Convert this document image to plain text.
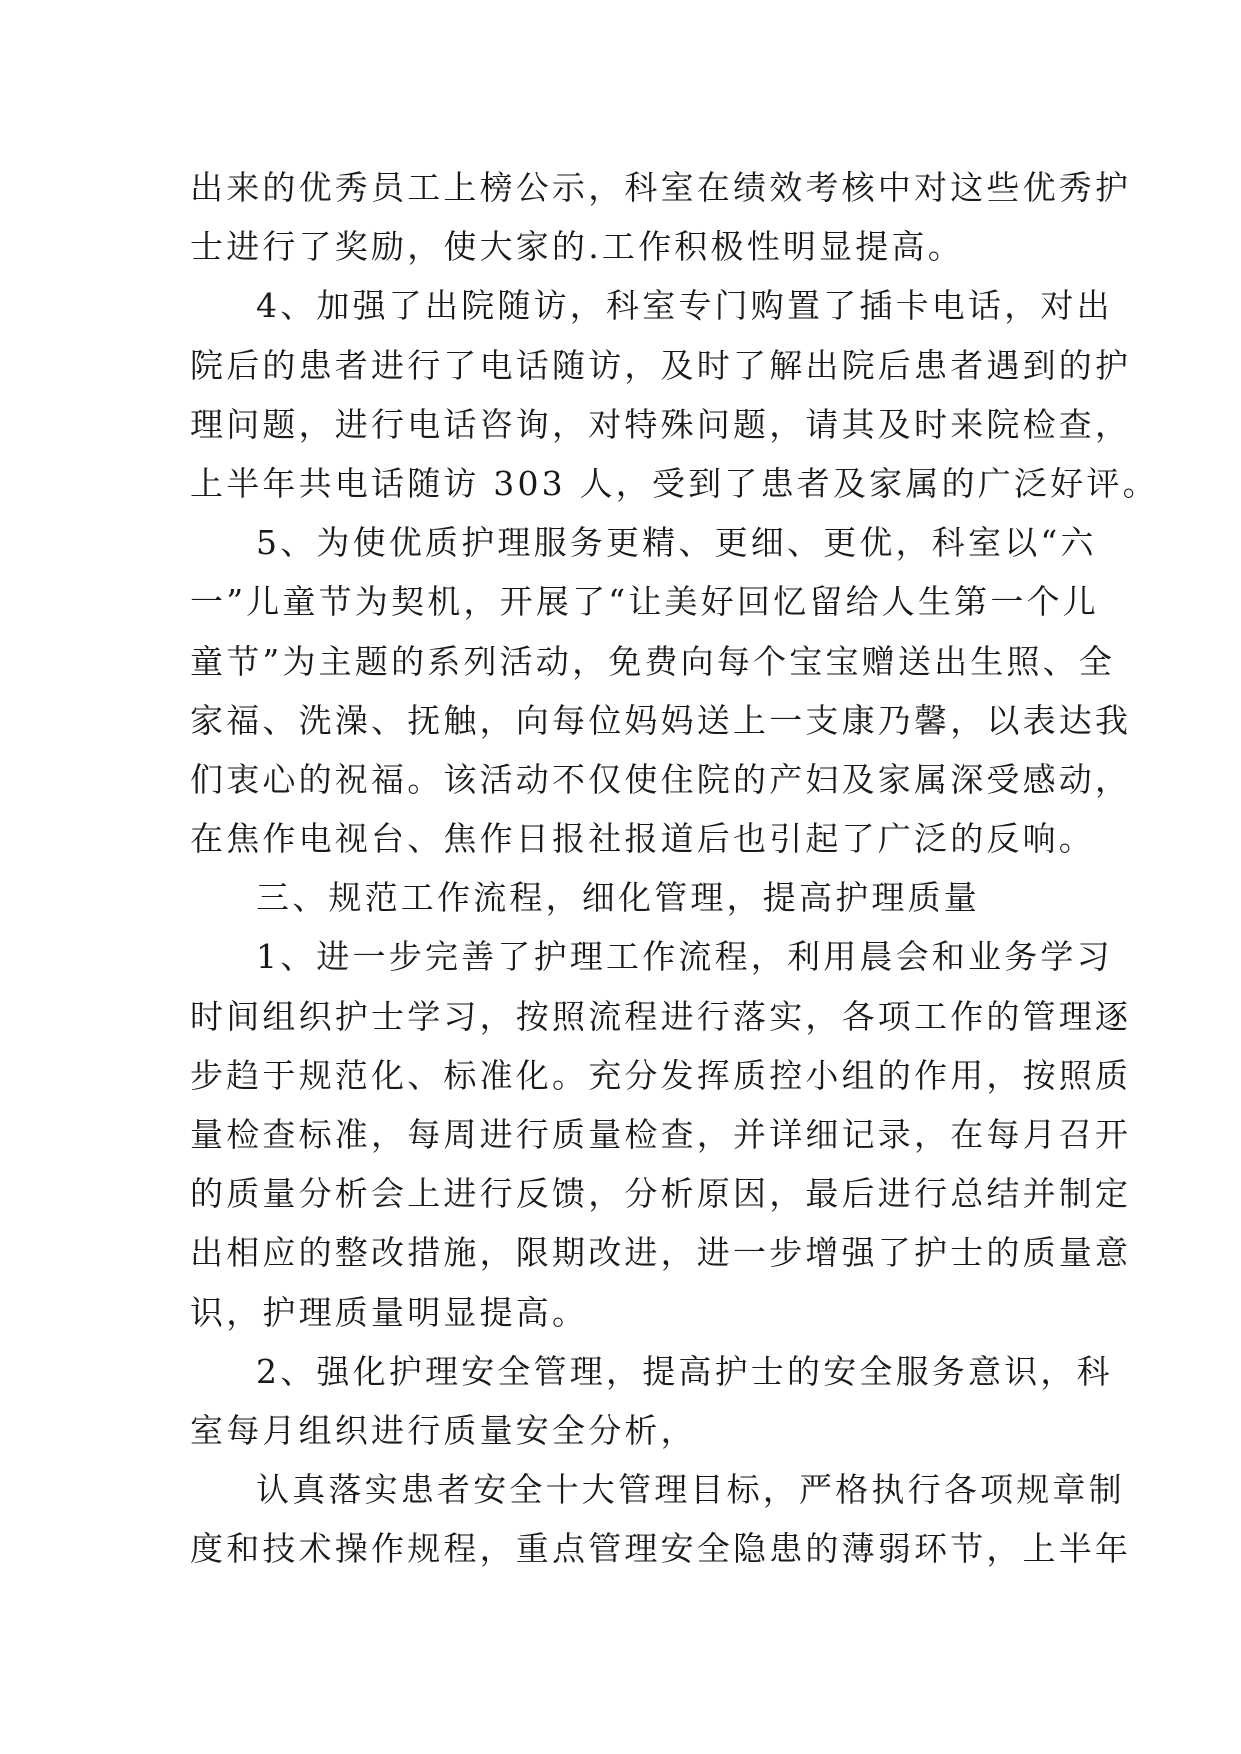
出来的优秀员工上榜公示，科室在绩效考核中对这些优秀护
士进行了奖励，使大家的.工作积极性明显提高。
4、加强了出院随访，科室专门购置了插卡电话，对出
院后的患者进行了电话随访，及时了解出院后患者遇到的护
理问题，进行电话咨询，对特殊问题，请其及时来院检查，
上半年共电话随访 303 人，受到了患者及家属的广泛好评。
5、为使优质护理服务更精、更细、更优，科室以“六
一”儿童节为契机，开展了“让美好回忆留给人生第一个儿
童节”为主题的系列活动，免费向每个宝宝赠送出生照、全
家福、洗澡、抚触，向每位妈妈送上一支康乃馨，以表达我
们衷心的祝福。该活动不仅使住院的产妇及家属深受感动，
在焦作电视台、焦作日报社报道后也引起了广泛的反响。
三、规范工作流程，细化管理，提高护理质量
1、进一步完善了护理工作流程，利用晨会和业务学习
时间组织护士学习，按照流程进行落实，各项工作的管理逐
步趋于规范化、标准化。充分发挥质控小组的作用，按照质
量检查标准，每周进行质量检查，并详细记录，在每月召开
的质量分析会上进行反馈，分析原因，最后进行总结并制定
出相应的整改措施，限期改进，进一步增强了护士的质量意
识，护理质量明显提高。
2、强化护理安全管理，提高护士的安全服务意识，科
室每月组织进行质量安全分析，
认真落实患者安全十大管理目标，严格执行各项规章制
度和技术操作规程，重点管理安全隐患的薄弱环节，上半年
